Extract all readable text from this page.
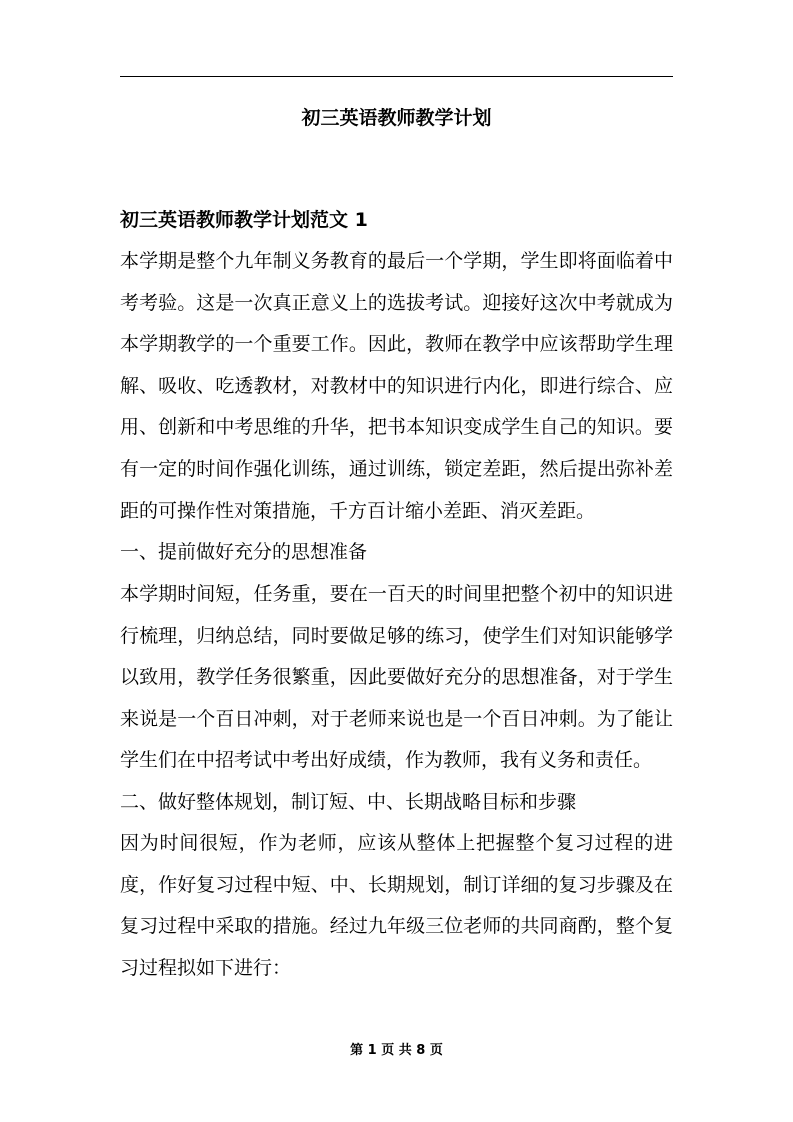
初三英语教师教学计划
初三英语教师教学计划范文 1
本学期是整个九年制义务教育的最后一个学期，学生即将面临着中考考验。这是一次真正意义上的选拔考试。迎接好这次中考就成为本学期教学的一个重要工作。因此，教师在教学中应该帮助学生理解、吸收、吃透教材，对教材中的知识进行内化，即进行综合、应用、创新和中考思维的升华，把书本知识变成学生自己的知识。要有一定的时间作强化训练，通过训练，锁定差距，然后提出弥补差距的可操作性对策措施，千方百计缩小差距、消灭差距。
一、提前做好充分的思想准备
本学期时间短，任务重，要在一百天的时间里把整个初中的知识进行梳理，归纳总结，同时要做足够的练习，使学生们对知识能够学以致用，教学任务很繁重，因此要做好充分的思想准备，对于学生来说是一个百日冲刺，对于老师来说也是一个百日冲刺。为了能让学生们在中招考试中考出好成绩，作为教师，我有义务和责任。
二、做好整体规划，制订短、中、长期战略目标和步骤
因为时间很短，作为老师，应该从整体上把握整个复习过程的进度，作好复习过程中短、中、长期规划，制订详细的复习步骤及在复习过程中采取的措施。经过九年级三位老师的共同商酌，整个复习过程拟如下进行：
第 1 页 共 8 页
